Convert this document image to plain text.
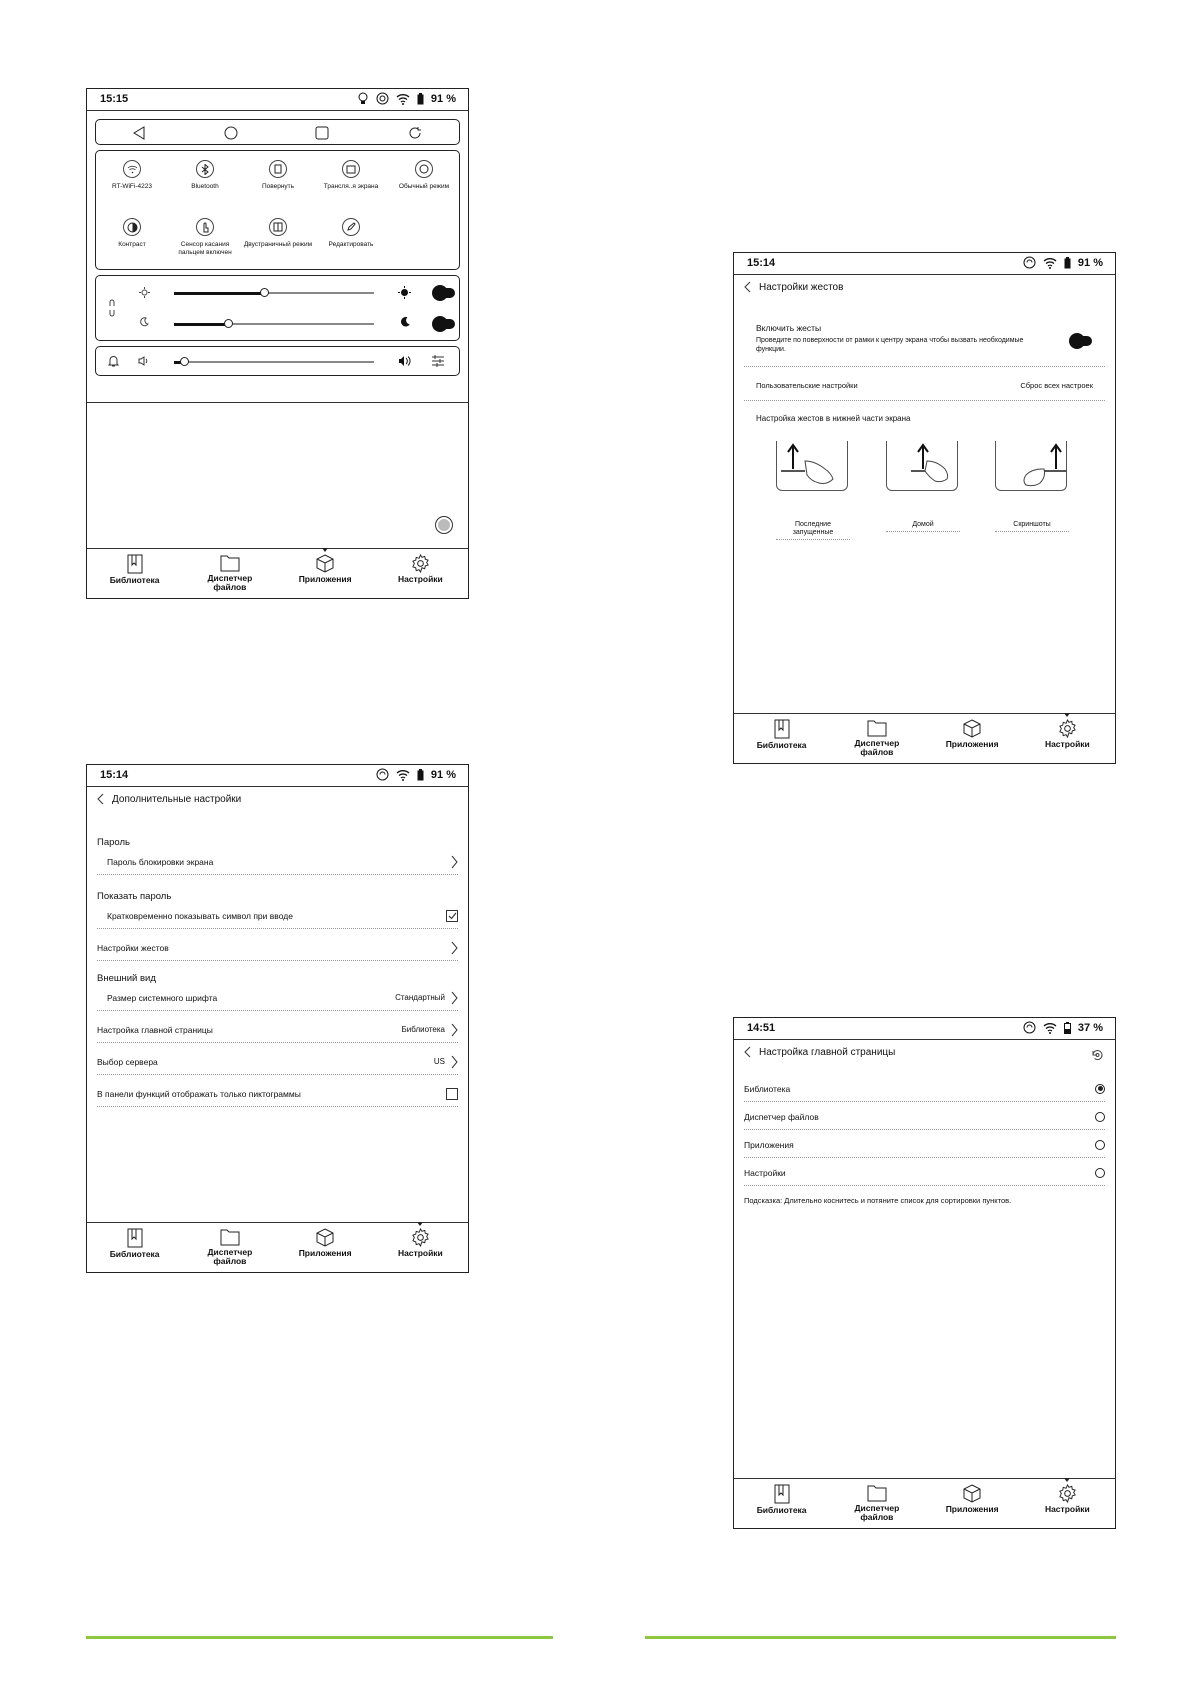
15:15	91 %
RT-WiFi-4223	Bluetooth	Повернуть	Трансля..я экрана	Обычный режим
Контраст	Сенсор касания пальцем включен
Двустраничный режим	Редактировать
Библиотека	Диспетчер файлов
Приложения	Настройки
15:14	91 %
Дополнительные настройки
Пароль
Пароль блокировки экрана
Показать пароль
Кратковременно показывать символ при вводе
Настройки жестов
Внешний вид
Размер системного шрифта	Стандартный
Настройка главной страницы	Библиотека
Выбор сервера	US
В панели функций отображать только пиктограммы
Библиотека	Диспетчер файлов
Приложения	Настройки
15:14	91 %
Настройки жестов
Включить жесты
Проведите по поверхности от рамки к центру экрана чтобы вызвать необходимые функции.
Пользовательские настройки	Сброс всех настроек
Настройка жестов в нижней части экрана
Последние запущенные
Домой	Скриншоты
Библиотека	Диспетчер файлов
Приложения	Настройки
14:51	37 %
Настройка главной страницы
Библиотека
Диспетчер файлов
Приложения
Настройки
Подсказка: Длительно коснитесь и потяните список для сортировки пунктов.
Библиотека	Диспетчер файлов
Приложения	Настройки
